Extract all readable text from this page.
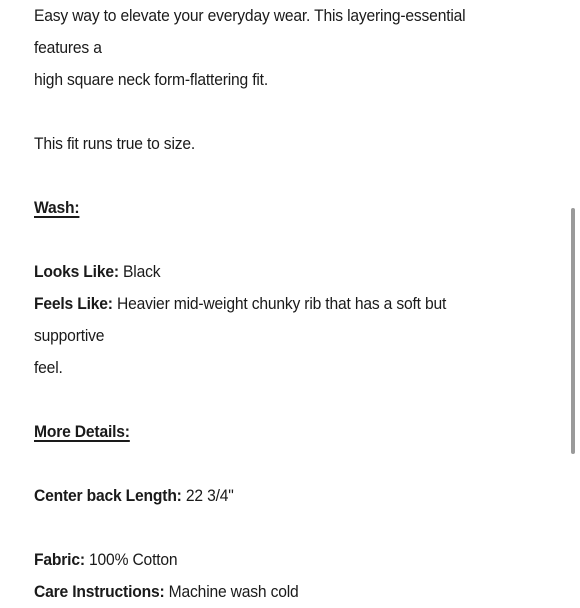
Easy way to elevate your everyday wear. This layering-essential features a

high square neck form-flattering fit.

This fit runs true to size.

Wash:

Looks Like: Black

Feels Like: Heavier mid-weight chunky rib that has a soft but supportive

feel.

More Details:

Center back Length: 22 3/4"

Fabric: 100% Cotton

Care Instructions: Machine wash cold
